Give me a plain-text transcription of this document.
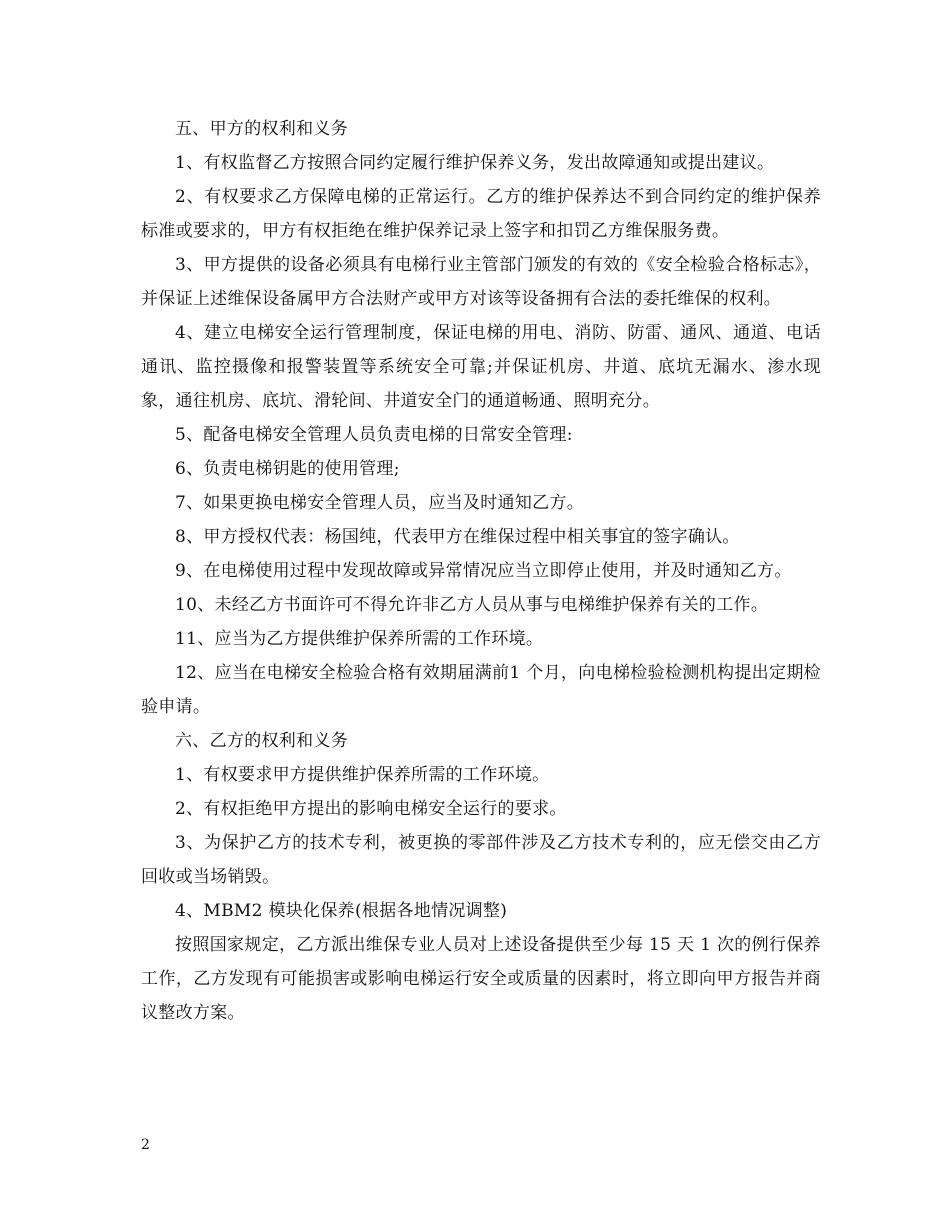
五、甲方的权利和义务

1、有权监督乙方按照合同约定履行维护保养义务，发出故障通知或提出建议。

2、有权要求乙方保障电梯的正常运行。乙方的维护保养达不到合同约定的维护保养标准或要求的，甲方有权拒绝在维护保养记录上签字和扣罚乙方维保服务费。

3、甲方提供的设备必须具有电梯行业主管部门颁发的有效的《安全检验合格标志》，并保证上述维保设备属甲方合法财产或甲方对该等设备拥有合法的委托维保的权利。

4、建立电梯安全运行管理制度，保证电梯的用电、消防、防雷、通风、通道、电话通讯、监控摄像和报警装置等系统安全可靠;并保证机房、井道、底坑无漏水、渗水现象，通往机房、底坑、滑轮间、井道安全门的通道畅通、照明充分。

5、配备电梯安全管理人员负责电梯的日常安全管理:

6、负责电梯钥匙的使用管理;

7、如果更换电梯安全管理人员，应当及时通知乙方。

8、甲方授权代表：杨国纯，代表甲方在维保过程中相关事宜的签字确认。

9、在电梯使用过程中发现故障或异常情况应当立即停止使用，并及时通知乙方。

10、未经乙方书面许可不得允许非乙方人员从事与电梯维护保养有关的工作。

11、应当为乙方提供维护保养所需的工作环境。

12、应当在电梯安全检验合格有效期届满前1 个月，向电梯检验检测机构提出定期检验申请。

六、乙方的权利和义务

1、有权要求甲方提供维护保养所需的工作环境。

2、有权拒绝甲方提出的影响电梯安全运行的要求。

3、为保护乙方的技术专利，被更换的零部件涉及乙方技术专利的，应无偿交由乙方回收或当场销毁。

4、MBM2 模块化保养(根据各地情况调整)

按照国家规定，乙方派出维保专业人员对上述设备提供至少每 15 天 1 次的例行保养工作，乙方发现有可能损害或影响电梯运行安全或质量的因素时，将立即向甲方报告并商议整改方案。

2
